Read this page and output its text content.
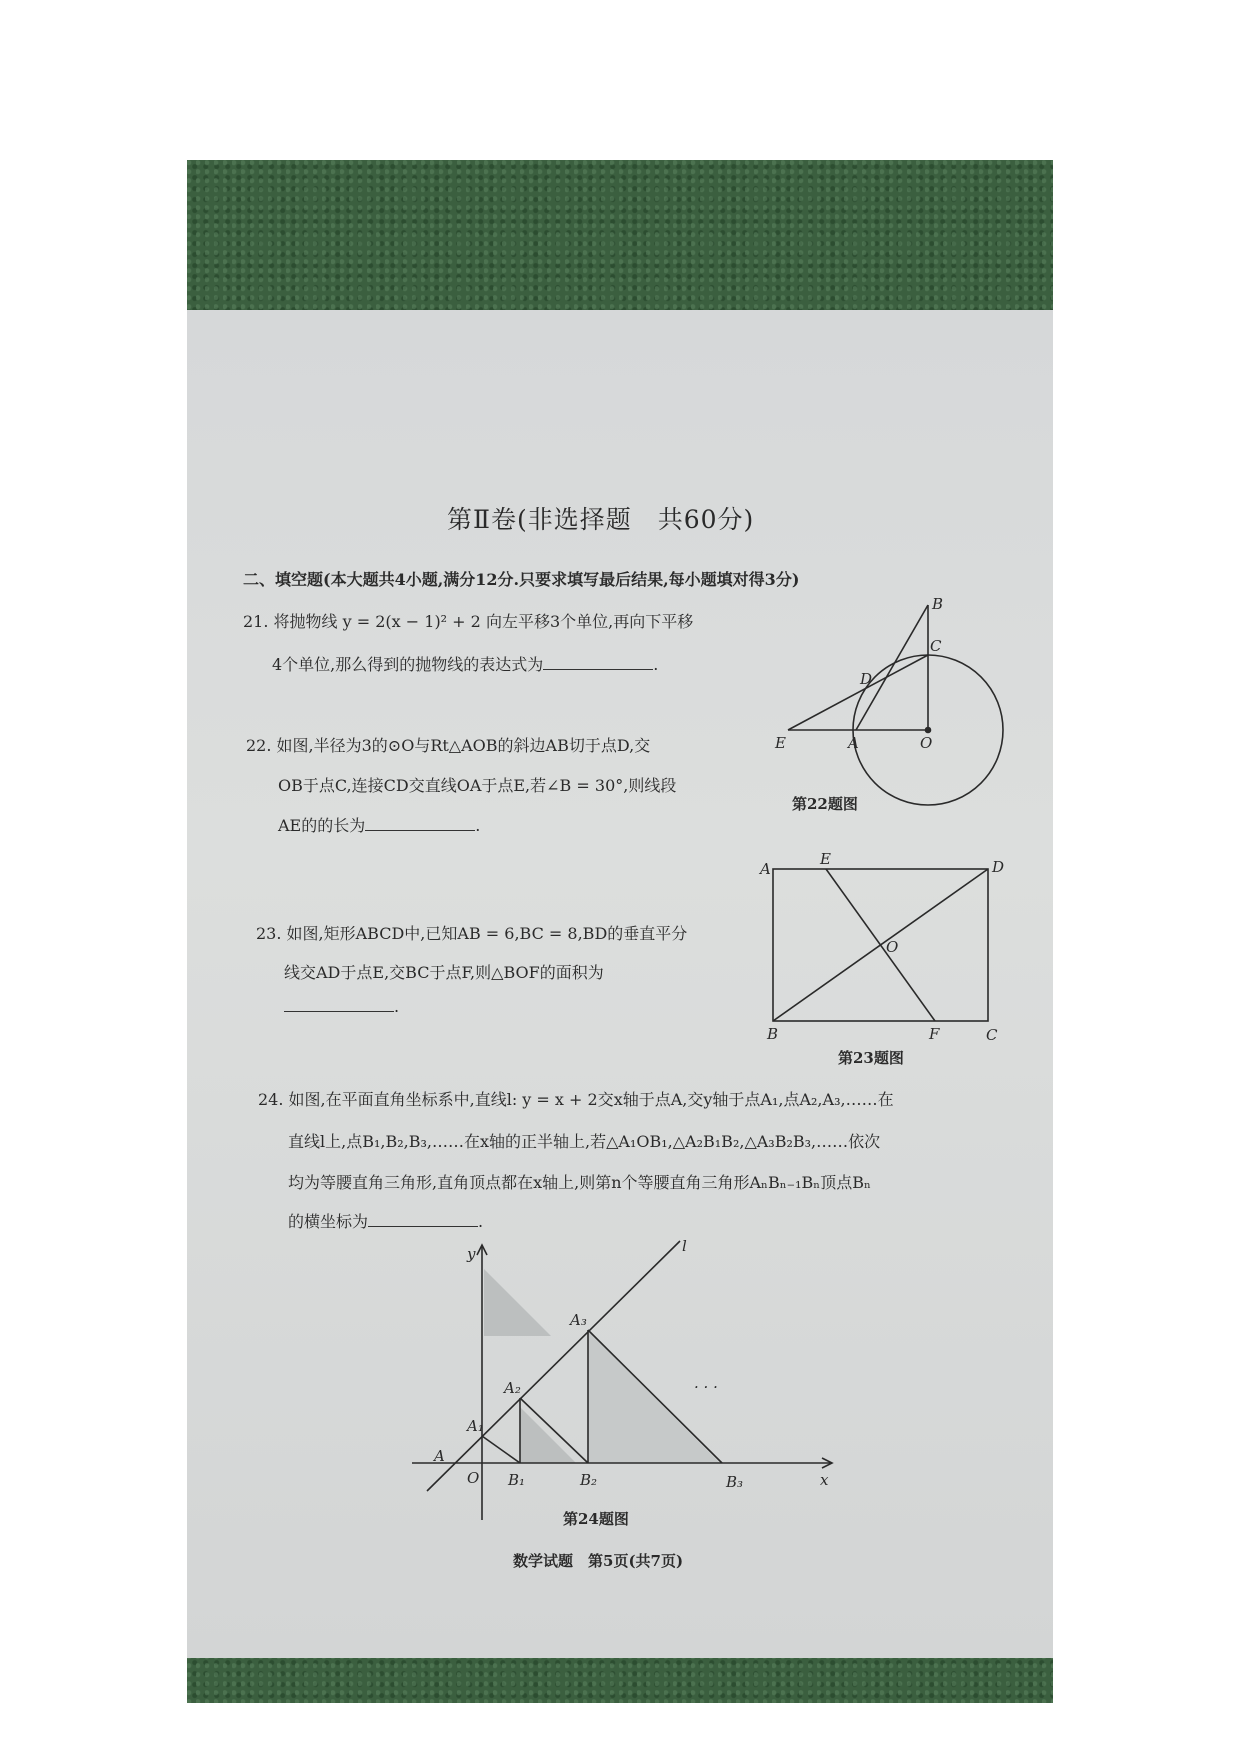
第Ⅱ卷(非选择题　共60分)
二、填空题(本大题共4小题,满分12分.只要求填写最后结果,每小题填对得3分)
21. 将抛物线 y = 2(x − 1)² + 2 向左平移3个单位,再向下平移
4个单位,那么得到的抛物线的表达式为	.
22. 如图,半径为3的⊙O与Rt△AOB的斜边AB切于点D,交
OB于点C,连接CD交直线OA于点E,若∠B = 30°,则线段
AE的的长为	.
B
C
D
E	A	O
第22题图
23. 如图,矩形ABCD中,已知AB = 6,BC = 8,BD的垂直平分
线交AD于点E,交BC于点F,则△BOF的面积为
.
A
E	D
O
B	F	C
第23题图
24. 如图,在平面直角坐标系中,直线l: y = x + 2交x轴于点A,交y轴于点A₁,点A₂,A₃,……在
直线l上,点B₁,B₂,B₃,……在x轴的正半轴上,若△A₁OB₁,△A₂B₁B₂,△A₃B₂B₃,……依次
均为等腰直角三角形,直角顶点都在x轴上,则第n个等腰直角三角形AₙBₙ₋₁Bₙ顶点Bₙ
的横坐标为	.
y
x
l
A
O
A₁
A₂
A₃
B₁	B₂	B₃
· · ·
第24题图
数学试题　第5页(共7页)
